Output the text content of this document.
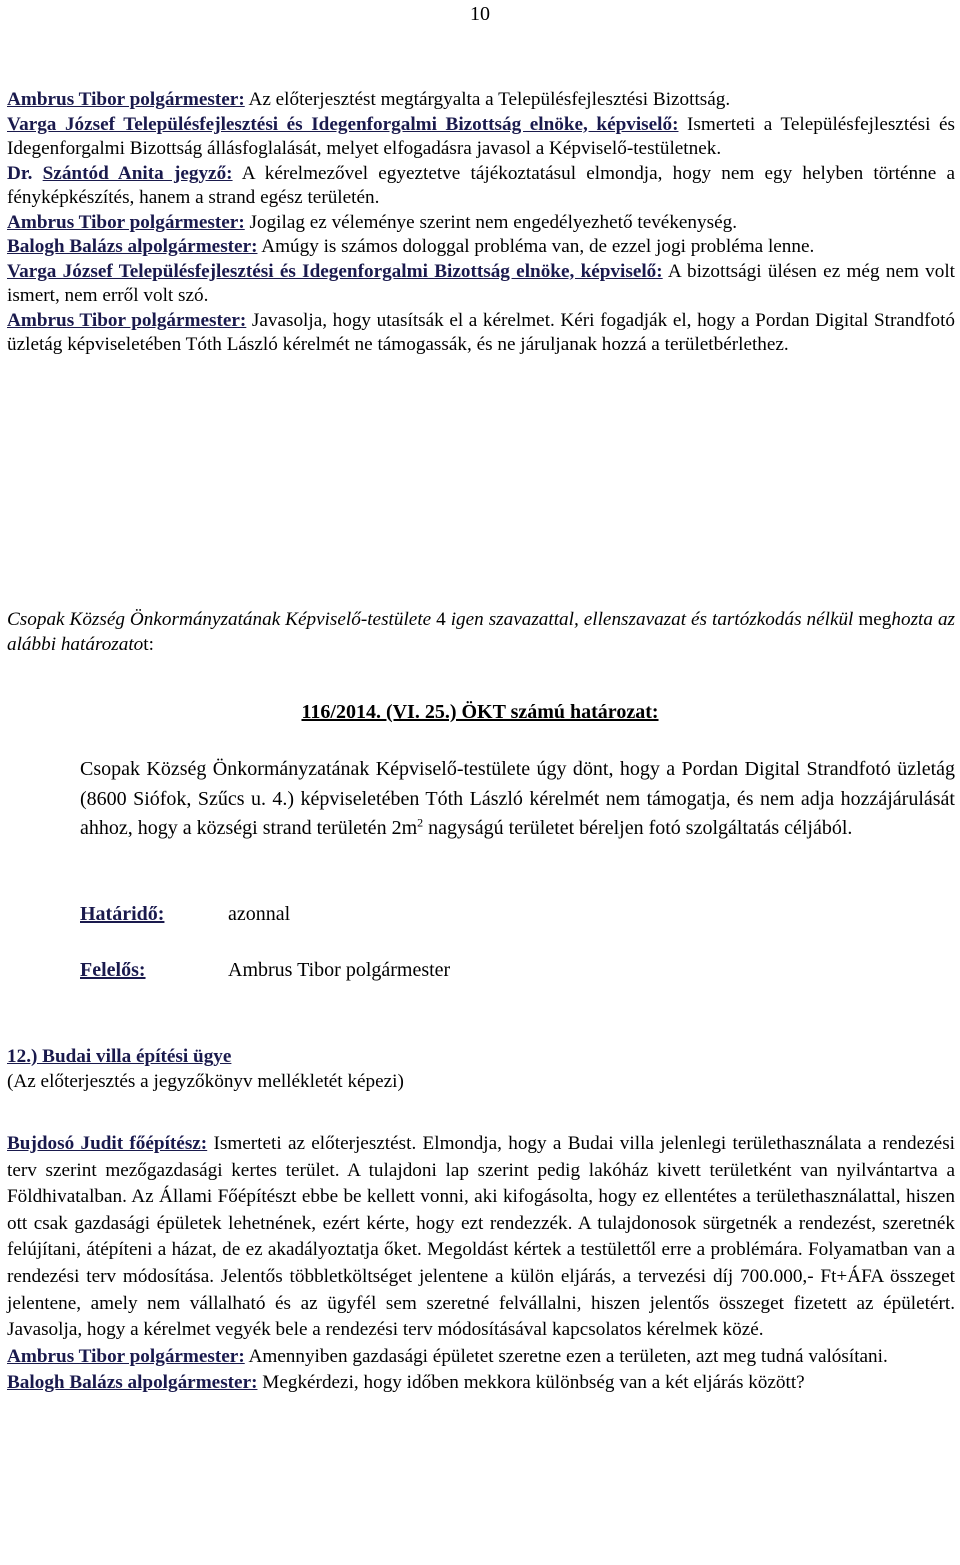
10

Ambrus Tibor polgármester: Az előterjesztést megtárgyalta a Településfejlesztési Bizottság.

Varga József Településfejlesztési és Idegenforgalmi Bizottság elnöke, képviselő: Ismerteti a Településfejlesztési és Idegenforgalmi Bizottság állásfoglalását, melyet elfogadásra javasol a Képviselő-testületnek.

Dr. Szántód Anita jegyző: A kérelmezővel egyeztetve tájékoztatásul elmondja, hogy nem egy helyben történne a fényképkészítés, hanem a strand egész területén.

Ambrus Tibor polgármester: Jogilag ez véleménye szerint nem engedélyezhető tevékenység.

Balogh Balázs alpolgármester: Amúgy is számos dologgal probléma van, de ezzel jogi probléma lenne.

Varga József Településfejlesztési és Idegenforgalmi Bizottság elnöke, képviselő: A bizottsági ülésen ez még nem volt ismert, nem erről volt szó.

Ambrus Tibor polgármester: Javasolja, hogy utasítsák el a kérelmet. Kéri fogadják el, hogy a Pordan Digital Strandfotó üzletág képviseletében Tóth László kérelmét ne támogassák, és ne járuljanak hozzá a területbérlethez.

Csopak Község Önkormányzatának Képviselő-testülete 4 igen szavazattal, ellenszavazat és tartózkodás nélkül meghozta az alábbi határozatot:
116/2014. (VI. 25.) ÖKT számú határozat:
Csopak Község Önkormányzatának Képviselő-testülete úgy dönt, hogy a Pordan Digital Strandfotó üzletág (8600 Siófok, Szűcs u. 4.) képviseletében Tóth László kérelmét nem támogatja, és nem adja hozzájárulását ahhoz, hogy a községi strand területén $2m^2$ nagyságú területet béreljen fotó szolgáltatás céljából.
Határidő:	azonnal
Felelős:	Ambrus Tibor polgármester
12.) Budai villa építési ügye
(Az előterjesztés a jegyzőkönyv mellékletét képezi)

Bujdosó Judit főépítész: Ismerteti az előterjesztést. Elmondja, hogy a Budai villa jelenlegi területhasználata a rendezési terv szerint mezőgazdasági kertes terület. A tulajdoni lap szerint pedig lakóház kivett területként van nyilvántartva a Földhivatalban. Az Állami Főépítészt ebbe be kellett vonni, aki kifogásolta, hogy ez ellentétes a területhasználattal, hiszen ott csak gazdasági épületek lehetnének, ezért kérte, hogy ezt rendezzék. A tulajdonosok sürgetnék a rendezést, szeretnék felújítani, átépíteni a házat, de ez akadályoztatja őket. Megoldást kértek a testülettől erre a problémára. Folyamatban van a rendezési terv módosítása. Jelentős többletköltséget jelentene a külön eljárás, a tervezési díj 700.000,- Ft+ÁFA összeget jelentene, amely nem vállalható és az ügyfél sem szeretné felvállalni, hiszen jelentős összeget fizetett az épületért. Javasolja, hogy a kérelmet vegyék bele a rendezési terv módosításával kapcsolatos kérelmek közé.

Ambrus Tibor polgármester: Amennyiben gazdasági épületet szeretne ezen a területen, azt meg tudná valósítani.

Balogh Balázs alpolgármester: Megkérdezi, hogy időben mekkora különbség van a két eljárás között?
